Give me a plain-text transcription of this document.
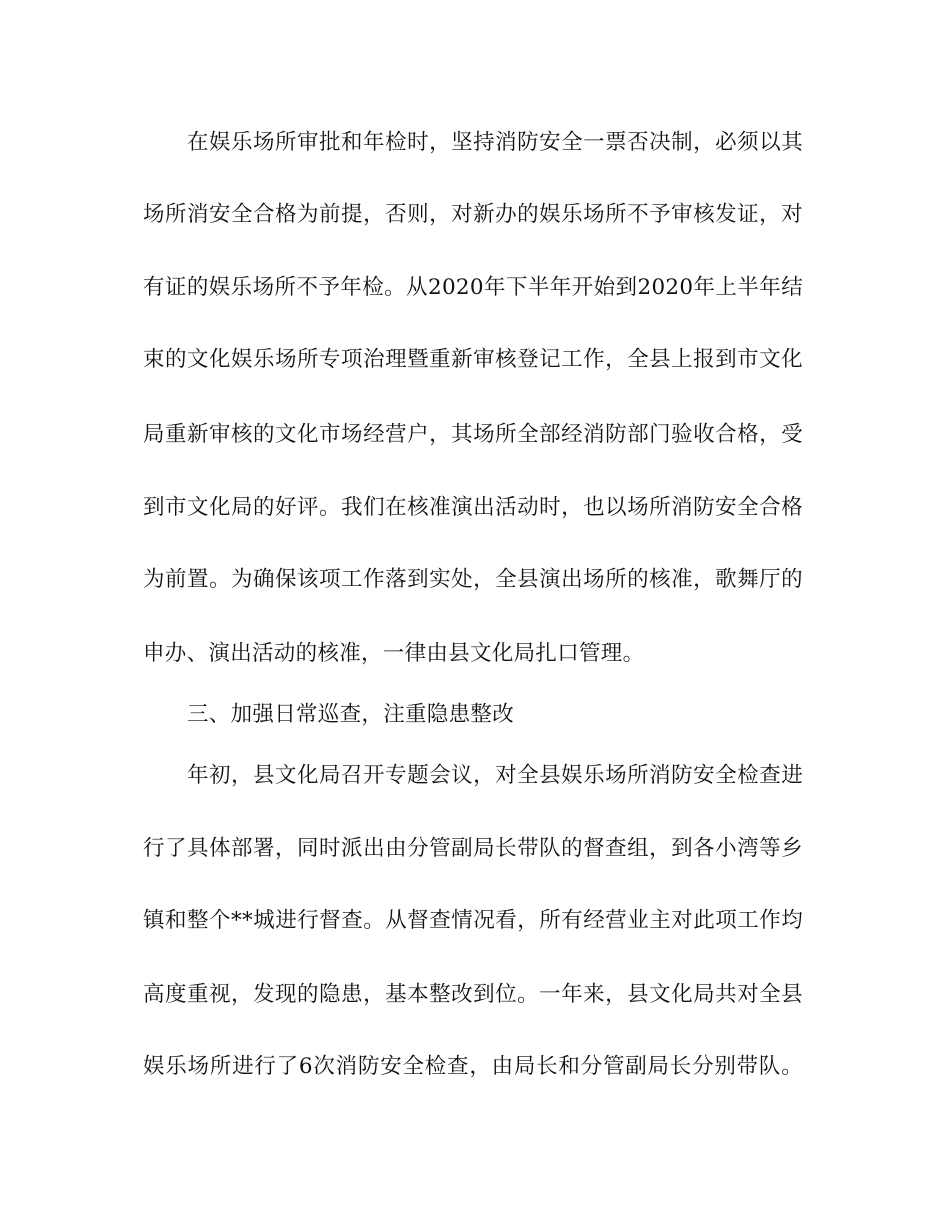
在娱乐场所审批和年检时，坚持消防安全一票否决制，必须以其
场所消安全合格为前提，否则，对新办的娱乐场所不予审核发证，对
有证的娱乐场所不予年检。从2020年下半年开始到2020年上半年结
束的文化娱乐场所专项治理暨重新审核登记工作，全县上报到市文化
局重新审核的文化市场经营户，其场所全部经消防部门验收合格，受
到市文化局的好评。我们在核准演出活动时，也以场所消防安全合格
为前置。为确保该项工作落到实处，全县演出场所的核准，歌舞厅的
申办、演出活动的核准，一律由县文化局扎口管理。
三、加强日常巡查，注重隐患整改
年初，县文化局召开专题会议，对全县娱乐场所消防安全检查进
行了具体部署，同时派出由分管副局长带队的督查组，到各小湾等乡
镇和整个**城进行督查。从督查情况看，所有经营业主对此项工作均
高度重视，发现的隐患，基本整改到位。一年来，县文化局共对全县
娱乐场所进行了6次消防安全检查，由局长和分管副局长分别带队。
